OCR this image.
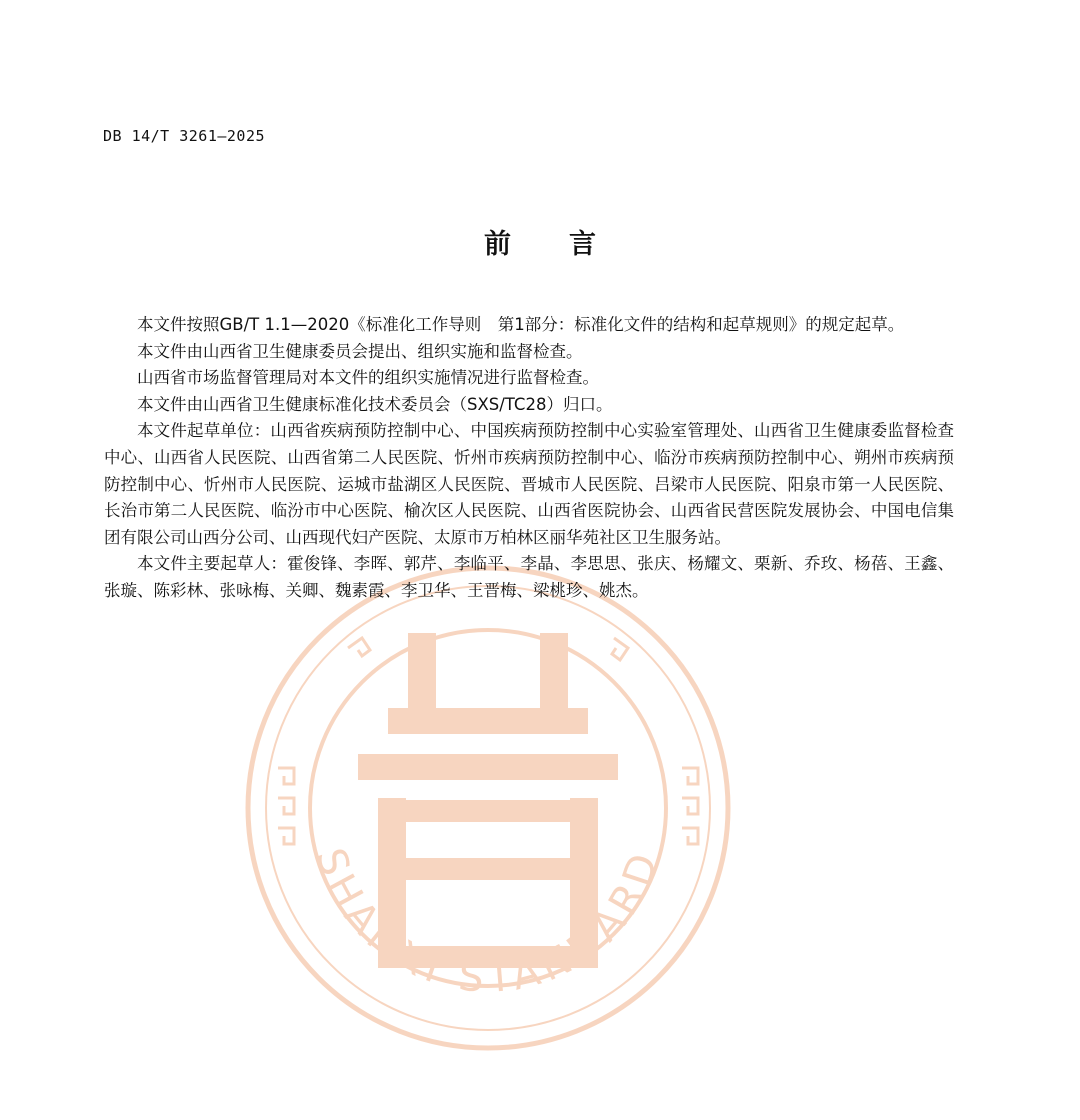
SHANXI STANDARD
DB 14/T 3261—2025
前言

本文件按照GB/T 1.1—2020《标准化工作导则　第1部分：标准化文件的结构和起草规则》的规定起草。

本文件由山西省卫生健康委员会提出、组织实施和监督检查。

山西省市场监督管理局对本文件的组织实施情况进行监督检查。

本文件由山西省卫生健康标准化技术委员会（SXS/TC28）归口。

本文件起草单位：山西省疾病预防控制中心、中国疾病预防控制中心实验室管理处、山西省卫生健康委监督检查中心、山西省人民医院、山西省第二人民医院、忻州市疾病预防控制中心、临汾市疾病预防控制中心、朔州市疾病预防控制中心、忻州市人民医院、运城市盐湖区人民医院、晋城市人民医院、吕梁市人民医院、阳泉市第一人民医院、长治市第二人民医院、临汾市中心医院、榆次区人民医院、山西省医院协会、山西省民营医院发展协会、中国电信集团有限公司山西分公司、山西现代妇产医院、太原市万柏林区丽华苑社区卫生服务站。

本文件主要起草人：霍俊锋、李晖、郭芹、李临平、李晶、李思思、张庆、杨耀文、栗新、乔玫、杨蓓、王鑫、张璇、陈彩林、张咏梅、关卿、魏素霞、李卫华、王晋梅、梁桃珍、姚杰。
